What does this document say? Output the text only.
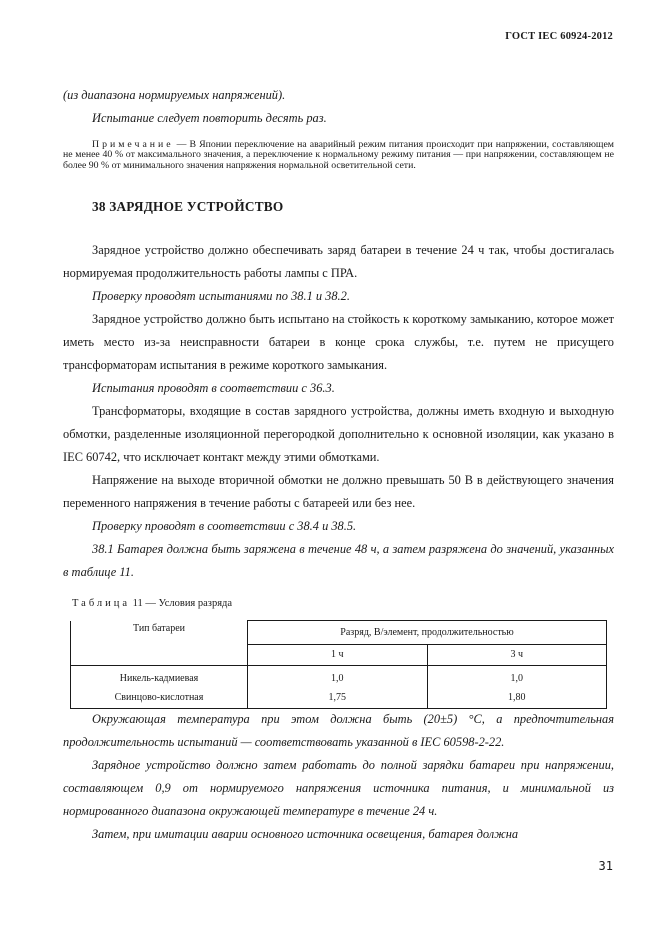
ГОСТ IEC 60924-2012

(из диапазона нормируемых напряжений).

Испытание следует повторить десять раз.

Примечание — В Японии переключение на аварийный режим питания происходит при напряжении, составляющем не менее 40 % от максимального значения, а переключение к нормальному режиму питания — при напряжении, составляющем не более 90 % от минимального значения напряжения нормальной осветительной сети.

38 ЗАРЯДНОЕ УСТРОЙСТВО

Зарядное устройство должно обеспечивать заряд батареи в течение 24 ч так, чтобы достигалась нормируемая продолжительность работы лампы с ПРА.

Проверку проводят испытаниями по 38.1 и 38.2.

Зарядное устройство должно быть испытано на стойкость к короткому замыканию, которое может иметь место из-за неисправности батареи в конце срока службы, т.е. путем не присущего трансформаторам испытания в режиме короткого замыкания.

Испытания проводят в соответствии с 36.3.

Трансформаторы, входящие в состав зарядного устройства, должны иметь входную и выходную обмотки, разделенные изоляционной перегородкой дополнительно к основной изоляции, как указано в IEC 60742, что исключает контакт между этими обмотками.

Напряжение на выходе вторичной обмотки не должно превышать 50 В в действующего значения переменного напряжения в течение работы с батареей или без нее.

Проверку проводят в соответствии с 38.4 и 38.5.

38.1 Батарея должна быть заряжена в течение 48 ч, а затем разряжена до значений, указанных в таблице 11.

Таблица 11 — Условия разряда
Тип батареи	Разряд, В/элемент, продолжительностью	
	1 ч	3 ч
Никель-кадмиевая	1,0	1,0
Свинцово-кислотная	1,75	1,80

Окружающая температура при этом должна быть (20±5) °С, а предпочтительная продолжительность испытаний — соответствовать указанной в IEC 60598-2-22.

Зарядное устройство должно затем работать до полной зарядки батареи при напряжении, составляющем 0,9 от нормируемого напряжения источника питания, и минимальной из нормированного диапазона окружающей температуре в течение 24 ч.

Затем, при имитации аварии основного источника освещения, батарея должна

31
